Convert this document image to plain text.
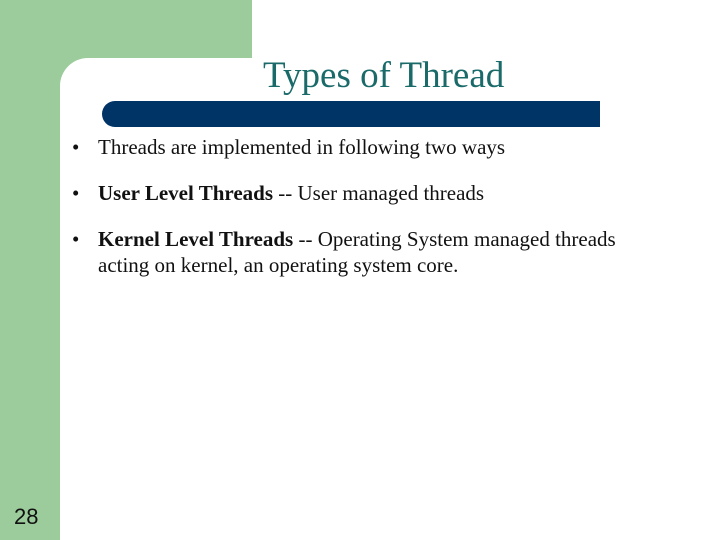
Types of Thread
• Threads are implemented in following two ways
• User Level Threads -- User managed threads
• Kernel Level Threads -- Operating System managed threads acting on kernel, an operating system core.
28
